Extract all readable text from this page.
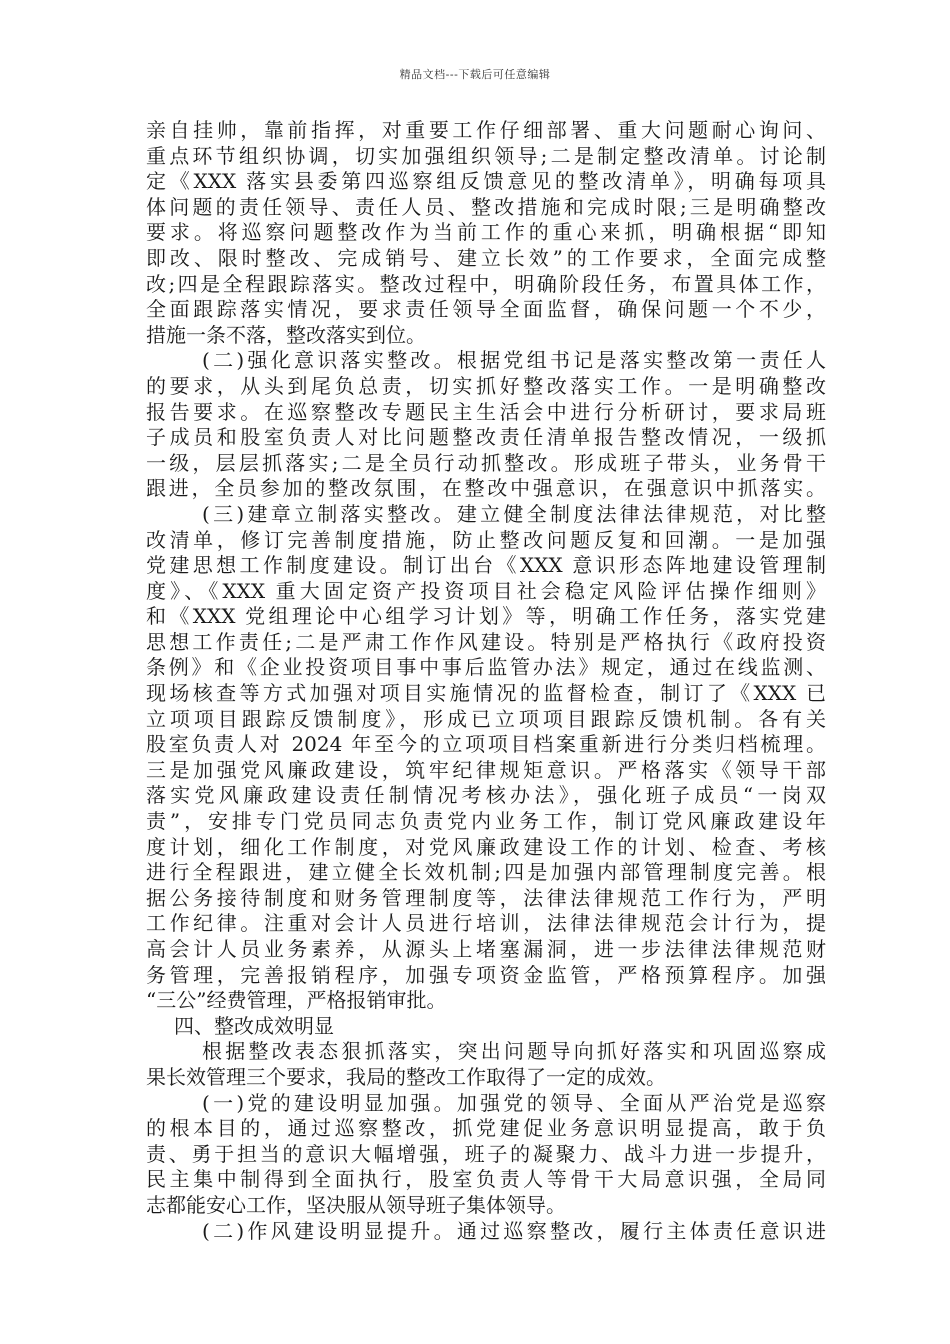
精品文档---下载后可任意编辑
亲自挂帅，靠前指挥，对重要工作仔细部署、重大问题耐心询问、
重点环节组织协调，切实加强组织领导;二是制定整改清单。讨论制
定《XXX 落实县委第四巡察组反馈意见的整改清单》，明确每项具
体问题的责任领导、责任人员、整改措施和完成时限;三是明确整改
要求。将巡察问题整改作为当前工作的重心来抓，明确根据“即知
即改、限时整改、完成销号、建立长效”的工作要求，全面完成整
改;四是全程跟踪落实。整改过程中，明确阶段任务，布置具体工作，
全面跟踪落实情况，要求责任领导全面监督，确保问题一个不少，
措施一条不落，整改落实到位。
(二)强化意识落实整改。根据党组书记是落实整改第一责任人
的要求，从头到尾负总责，切实抓好整改落实工作。一是明确整改
报告要求。在巡察整改专题民主生活会中进行分析研讨，要求局班
子成员和股室负责人对比问题整改责任清单报告整改情况，一级抓
一级，层层抓落实;二是全员行动抓整改。形成班子带头，业务骨干
跟进，全员参加的整改氛围，在整改中强意识，在强意识中抓落实。
(三)建章立制落实整改。建立健全制度法律法律规范，对比整
改清单，修订完善制度措施，防止整改问题反复和回潮。一是加强
党建思想工作制度建设。制订出台《XXX 意识形态阵地建设管理制
度》、《XXX 重大固定资产投资项目社会稳定风险评估操作细则》
和《XXX 党组理论中心组学习计划》等，明确工作任务，落实党建
思想工作责任;二是严肃工作作风建设。特别是严格执行《政府投资
条例》和《企业投资项目事中事后监管办法》规定，通过在线监测、
现场核查等方式加强对项目实施情况的监督检查，制订了《XXX 已
立项项目跟踪反馈制度》，形成已立项项目跟踪反馈机制。各有关
股室负责人对 2024 年至今的立项项目档案重新进行分类归档梳理。
三是加强党风廉政建设，筑牢纪律规矩意识。严格落实《领导干部
落实党风廉政建设责任制情况考核办法》，强化班子成员“一岗双
责”，安排专门党员同志负责党内业务工作，制订党风廉政建设年
度计划，细化工作制度，对党风廉政建设工作的计划、检查、考核
进行全程跟进，建立健全长效机制;四是加强内部管理制度完善。根
据公务接待制度和财务管理制度等，法律法律规范工作行为，严明
工作纪律。注重对会计人员进行培训，法律法律规范会计行为，提
高会计人员业务素养，从源头上堵塞漏洞，进一步法律法律规范财
务管理，完善报销程序，加强专项资金监管，严格预算程序。加强
“三公”经费管理，严格报销审批。
四、整改成效明显
根据整改表态狠抓落实，突出问题导向抓好落实和巩固巡察成
果长效管理三个要求，我局的整改工作取得了一定的成效。
(一)党的建设明显加强。加强党的领导、全面从严治党是巡察
的根本目的，通过巡察整改，抓党建促业务意识明显提高，敢于负
责、勇于担当的意识大幅增强，班子的凝聚力、战斗力进一步提升，
民主集中制得到全面执行，股室负责人等骨干大局意识强，全局同
志都能安心工作，坚决服从领导班子集体领导。
(二)作风建设明显提升。通过巡察整改，履行主体责任意识进
